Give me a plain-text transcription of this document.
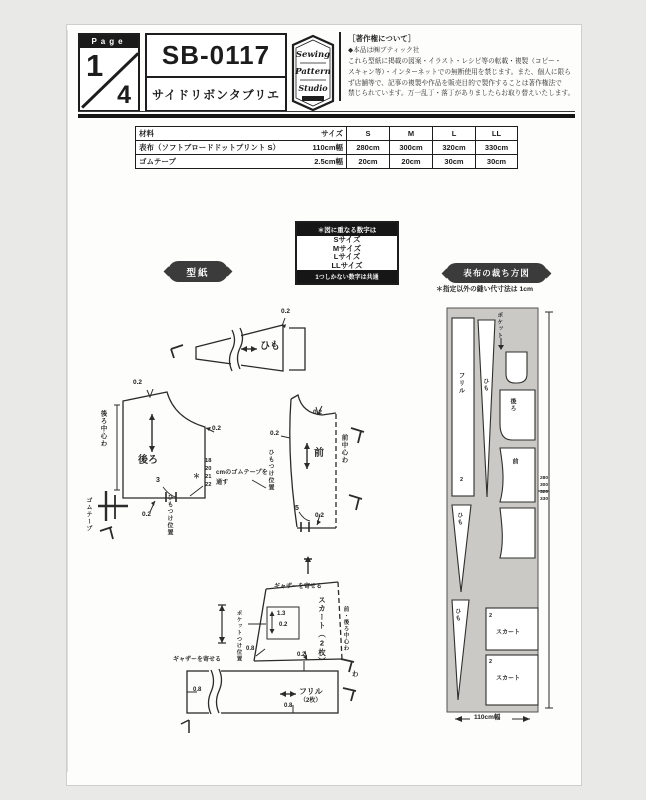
Page
1
4
SB-0117
サイドリボンタブリエ
Sewing
Pattern
Studio
［著作権について］
◆本品は㈱ブティック社
これら型紙に掲載の図案・イラスト・レシピ等の転載・複製（コピー・
スキャン等）・インターネットでの無断使用を禁じます。また、個人に限ら
ず店舗等で、記事の複製や作品を販売目的で製作することは著作権法で
禁じられています。万一乱丁・落丁がありましたらお取り替えいたします。
材料 サイズ	S	M	L	LL

表布（ソフトブロードドットプリント S） 110cm幅	280cm	300cm	320cm	330cm

ゴムテープ 2.5cm幅	20cm	20cm	30cm	30cm
型紙
＊図に重なる数字は
Sサイズ
Mサイズ
Lサイズ
LLサイズ
1つしかない数字は共通	表布の裁ち方図
＊指定以外の縫い代寸法は 1cm
0.2
ひも
0.2
0.2
後ろ
後ろ中心わ
3
0.2 ひもつけ位置
ゴムテープ
＊
18
20
21
22
cmのゴムテープを
通す
0.2
0.2
ひもつけ位置	前	前中心わ
5
0.2
ギャザーを寄せる
スカート（2枚）
ポケットつけ位置	1.3
0.2
0.8
0.2
前・後ろ中心わ
ギャザーを寄せる
0.8	フリル
（2枚）
0.8
わ
フリル
2
ポケット
後ろ
前
ひも
ひも
ひも
スカート
2
スカート
2
280
300
320
330
110cm幅
